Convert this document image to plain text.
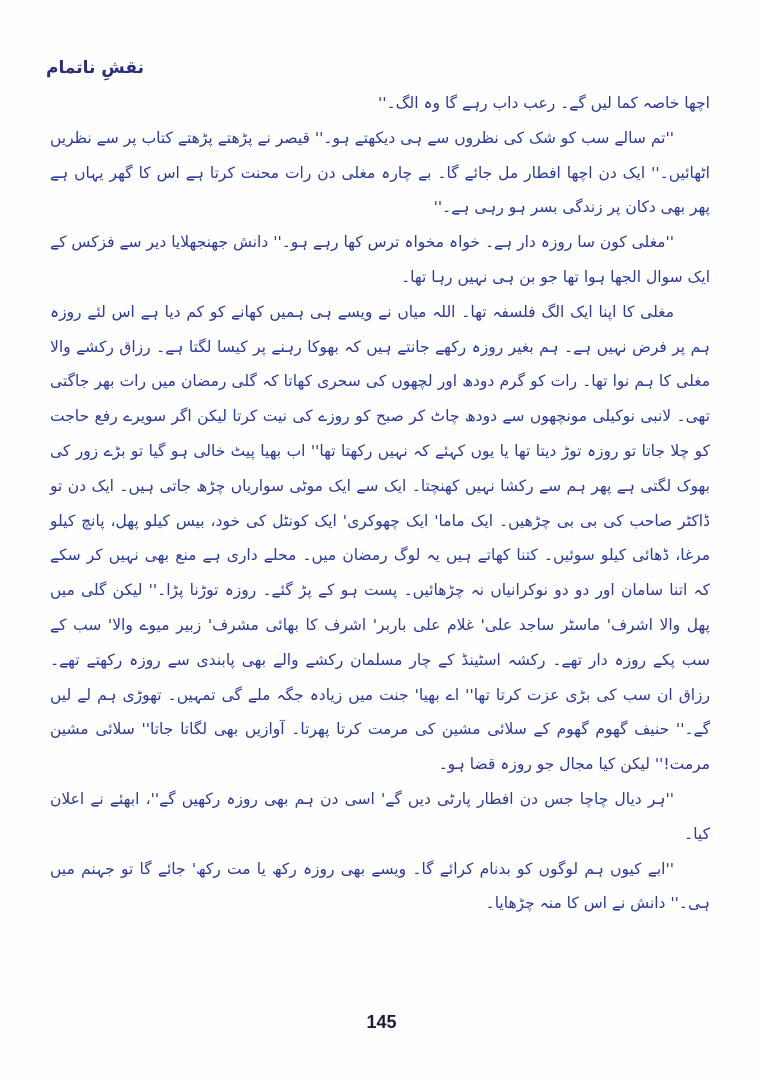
نقشِ ناتمام

اچھا خاصہ کما لیں گے۔ رعب داب رہے گا وہ الگ۔''

''تم سالے سب کو شک کی نظروں سے ہی دیکھتے ہو۔'' قیصر نے پڑھتے پڑھتے کتاب پر سے نظریں اٹھائیں۔'' ایک دن اچھا افطار مل جائے گا۔ بے چارہ مغلی دن رات محنت کرتا ہے اس کا گھر یہاں ہے پھر بھی دکان پر زندگی بسر ہو رہی ہے۔''

''مغلی کون سا روزہ دار ہے۔ خواہ مخواہ ترس کھا رہے ہو۔'' دانش جھنجھلایا دیر سے فزکس کے ایک سوال الجھا ہوا تھا جو بن ہی نہیں رہا تھا۔

مغلی کا اپنا ایک الگ فلسفہ تھا۔ اللہ میاں نے ویسے ہی ہمیں کھانے کو کم دیا ہے اس لئے روزہ ہم پر فرض نہیں ہے۔ ہم بغیر روزہ رکھے جانتے ہیں کہ بھوکا رہنے پر کیسا لگتا ہے۔ رزاق رکشے والا مغلی کا ہم نوا تھا۔ رات کو گرم دودھ اور لچھوں کی سحری کھاتا کہ گلی رمضان میں رات بھر جاگتی تھی۔ لانبی نوکیلی مونچھوں سے دودھ چاٹ کر صبح کو روزے کی نیت کرتا لیکن اگر سویرے رفع حاجت کو چلا جاتا تو روزہ توڑ دیتا تھا یا یوں کہئے کہ نہیں رکھتا تھا'' اب بھیا پیٹ خالی ہو گیا تو بڑے زور کی بھوک لگتی ہے پھر ہم سے رکشا نہیں کھنچتا۔ ایک سے ایک موٹی سواریاں چڑھ جاتی ہیں۔ ایک دن تو ڈاکٹر صاحب کی بی بی چڑھیں۔ ایک ماما' ایک چھوکری' ایک کونٹل کی خود، بیس کیلو پھل، پانچ کیلو مرغا، ڈھائی کیلو سوئیں۔ کتنا کھاتے ہیں یہ لوگ رمضان میں۔ محلے داری ہے منع بھی نہیں کر سکے کہ اتنا سامان اور دو دو نوکرانیاں نہ چڑھائیں۔ پست ہو کے پڑ گئے۔ روزہ توڑنا پڑا۔'' لیکن گلی میں پھل والا اشرف' ماسٹر ساجد علی' غلام علی باربر' اشرف کا بھائی مشرف' زبیر میوے والا' سب کے سب پکے روزہ دار تھے۔ رکشہ اسٹینڈ کے چار مسلمان رکشے والے بھی پابندی سے روزہ رکھتے تھے۔ رزاق ان سب کی بڑی عزت کرتا تھا'' اے بھیا' جنت میں زیادہ جگہ ملے گی تمہیں۔ تھوڑی ہم لے لیں گے۔'' حنیف گھوم گھوم کے سلائی مشین کی مرمت کرتا پھرتا۔ آوازیں بھی لگاتا جاتا'' سلائی مشین مرمت!'' لیکن کیا مجال جو روزہ قضا ہو۔

''ہر دیال چاچا جس دن افطار پارٹی دیں گے' اسی دن ہم بھی روزہ رکھیں گے''، ابھئے نے اعلان کیا۔

''ابے کیوں ہم لوگوں کو بدنام کرائے گا۔ ویسے بھی روزہ رکھ یا مت رکھ' جائے گا تو جہنم میں ہی۔'' دانش نے اس کا منہ چڑھایا۔

145
